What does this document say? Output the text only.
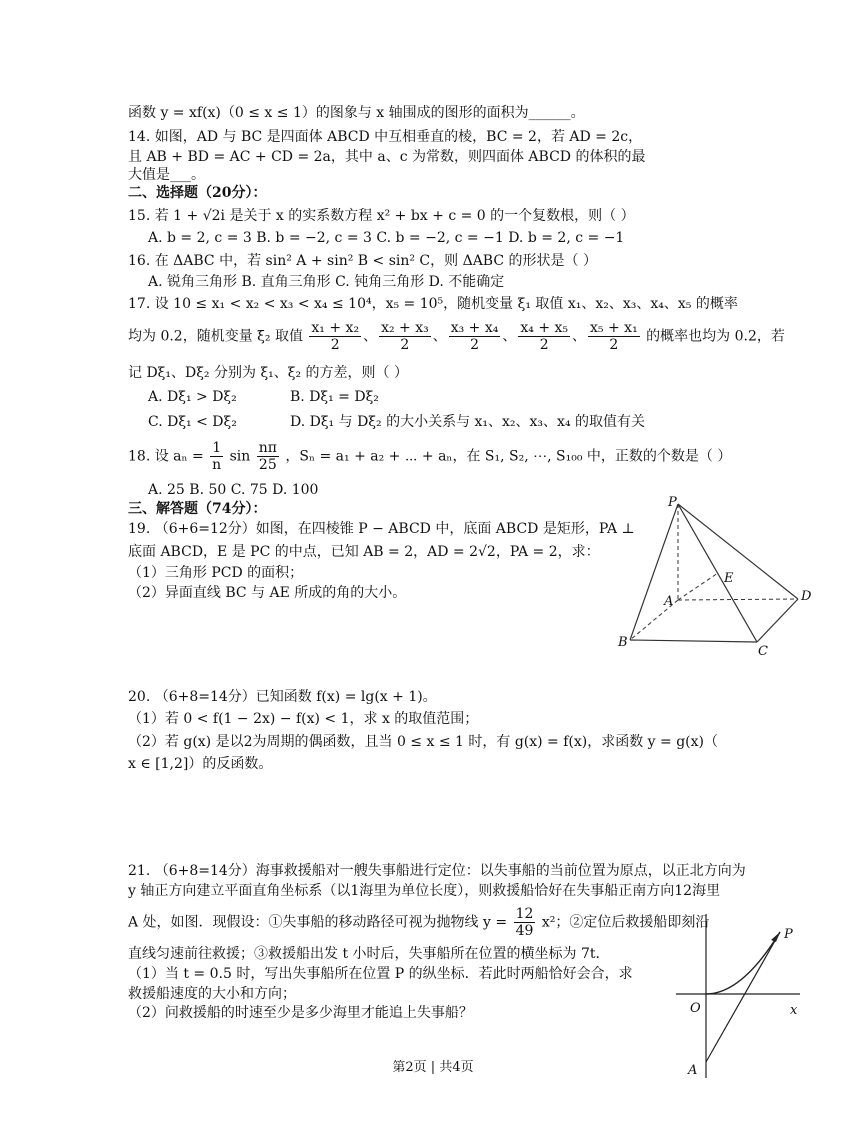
函数 y = xf(x)（0 ≤ x ≤ 1）的图象与 x 轴围成的图形的面积为______。
14. 如图，AD 与 BC 是四面体 ABCD 中互相垂直的棱，BC = 2，若 AD = 2c，
且 AB + BD = AC + CD = 2a，其中 a、c 为常数，则四面体 ABCD 的体积的最
大值是___。
二、选择题（20分）：
15. 若 1 + √2i 是关于 x 的实系数方程 x² + bx + c = 0 的一个复数根，则（ ）
A. b = 2, c = 3 B. b = −2, c = 3 C. b = −2, c = −1 D. b = 2, c = −1
16. 在 ΔABC 中，若 sin² A + sin² B < sin² C，则 ΔABC 的形状是（ ）
A. 锐角三角形 B. 直角三角形 C. 钝角三角形 D. 不能确定
17. 设 10 ≤ x₁ < x₂ < x₃ < x₄ ≤ 10⁴，x₅ = 10⁵，随机变量 ξ₁ 取值 x₁、x₂、x₃、x₄、x₅ 的概率
均为 0.2，随机变量 ξ₂ 取值 $\frac{\text{x₁ + x₂}}{2}$ 、 $\frac{\text{x₂ + x₃}}{2}$ 、 $\frac{\text{x₃ + x₄}}{2}$ 、 $\frac{\text{x₄ + x₅}}{2}$ 、 $\frac{\text{x₅ + x₁}}{2}$ 的概率也均为 0.2，若
记 Dξ₁、Dξ₂ 分别为 ξ₁、ξ₂ 的方差，则（ ）
A. Dξ₁ > Dξ₂	B. Dξ₁ = Dξ₂
C. Dξ₁ < Dξ₂	D. Dξ₁ 与 Dξ₂ 的大小关系与 x₁、x₂、x₃、x₄ 的取值有关
18. 设 $a_n = \frac{1}{n}$ $\sin \frac{n\pi}{25}$ ，Sₙ = a₁ + a₂ + ⋯ + aₙ，在 S₁, S₂, ⋯, S₁₀₀ 中，正数的个数是（ ）
A. 25 B. 50 C. 75 D. 100
三、解答题（74分）：
19. （6+6=12分）如图，在四棱锥 P − ABCD 中，底面 ABCD 是矩形，PA ⊥
底面 ABCD，E 是 PC 的中点，已知 AB = 2，AD = 2√2，PA = 2，求：
（1）三角形 PCD 的面积；
（2）异面直线 BC 与 AE 所成的角的大小。
P
E
A	D
B
C
20. （6+8=14分）已知函数 f(x) = lg(x + 1)。
（1）若 0 < f(1 − 2x) − f(x) < 1，求 x 的取值范围；
（2）若 g(x) 是以2为周期的偶函数，且当 0 ≤ x ≤ 1 时，有 g(x) = f(x)，求函数 y = g(x)（
x ∈ [1,2]）的反函数。
21. （6+8=14分）海事救援船对一艘失事船进行定位：以失事船的当前位置为原点，以正北方向为
y 轴正方向建立平面直角坐标系（以1海里为单位长度），则救援船恰好在失事船正南方向12海里
A 处，如图．现假设：①失事船的移动路径可视为抛物线 $y = \frac{12}{49} x^2$；②定位后救援船即刻沿
直线匀速前往救援；③救援船出发 t 小时后，失事船所在位置的横坐标为 7t．
（1）当 t = 0.5 时，写出失事船所在位置 P 的纵坐标．若此时两船恰好会合，求
救援船速度的大小和方向；
（2）问救援船的时速至少是多少海里才能追上失事船？
P
O	x
A
第2页 | 共4页
